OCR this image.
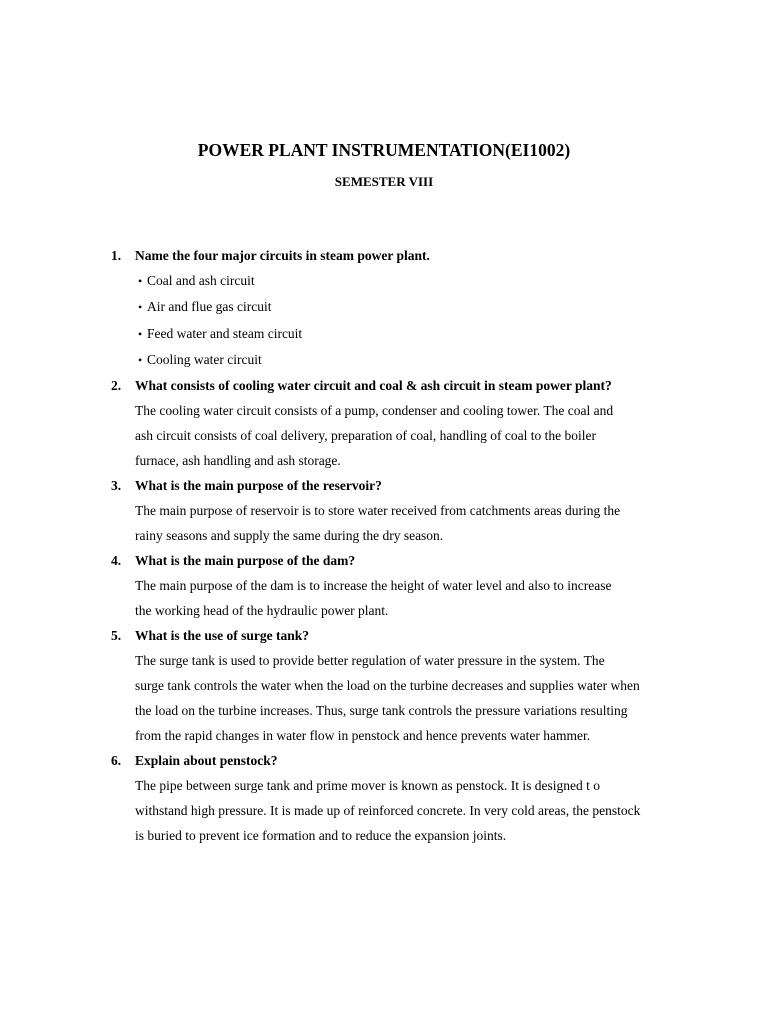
POWER PLANT INSTRUMENTATION(EI1002)
SEMESTER VIII
1. Name the four major circuits in steam power plant.
• Coal and ash circuit
• Air and flue gas circuit
• Feed water and steam circuit
• Cooling water circuit
2. What consists of cooling water circuit and coal & ash circuit in steam power plant?
The cooling water circuit consists of a pump, condenser and cooling tower. The coal and
ash circuit consists of coal delivery, preparation of coal, handling of coal to the boiler
furnace, ash handling and ash storage.
3. What is the main purpose of the reservoir?
The main purpose of reservoir is to store water received from catchments areas during the
rainy seasons and supply the same during the dry season.
4. What is the main purpose of the dam?
The main purpose of the dam is to increase the height of water level and also to increase
the working head of the hydraulic power plant.
5. What is the use of surge tank?
The surge tank is used to provide better regulation of water pressure in the system. The
surge tank controls the water when the load on the turbine decreases and supplies water when
the load on the turbine increases. Thus, surge tank controls the pressure variations resulting
from the rapid changes in water flow in penstock and hence prevents water hammer.
6. Explain about penstock?
The pipe between surge tank and prime mover is known as penstock. It is designed t o
withstand high pressure. It is made up of reinforced concrete. In very cold areas, the penstock
is buried to prevent ice formation and to reduce the expansion joints.
